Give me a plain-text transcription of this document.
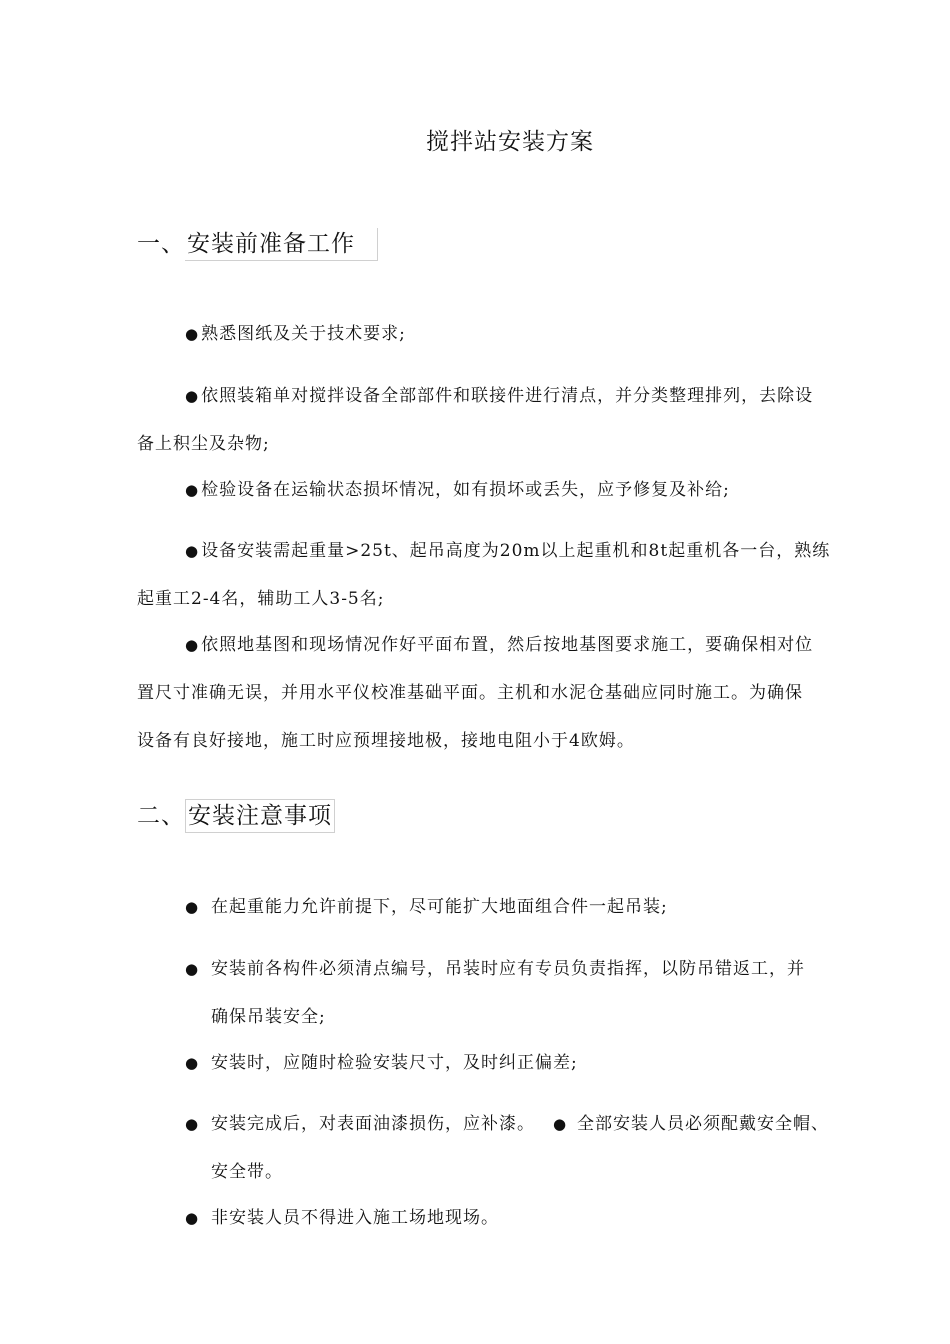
搅拌站安装方案
一、安装前准备工作
● 熟悉图纸及关于技术要求;
● 依照装箱单对搅拌设备全部部件和联接件进行清点，并分类整理排列，去除设
备上积尘及杂物;
● 检验设备在运输状态损坏情况，如有损坏或丢失，应予修复及补给;
● 设备安装需起重量>25t、起吊高度为20m以上起重机和8t起重机各一台，熟练
起重工2-4名，辅助工人3-5名;
● 依照地基图和现场情况作好平面布置，然后按地基图要求施工，要确保相对位
置尺寸准确无误，并用水平仪校准基础平面。主机和水泥仓基础应同时施工。为确保
设备有良好接地，施工时应预埋接地极，接地电阻小于4欧姆。
二、 安装注意事项
● 在起重能力允许前提下，尽可能扩大地面组合件一起吊装;
● 安装前各构件必须清点编号，吊装时应有专员负责指挥，以防吊错返工，并
确保吊装安全;
● 安装时，应随时检验安装尺寸，及时纠正偏差;
● 安装完成后，对表面油漆损伤，应补漆。 ● 全部安装人员必须配戴安全帽、
安全带。
● 非安装人员不得进入施工场地现场。
